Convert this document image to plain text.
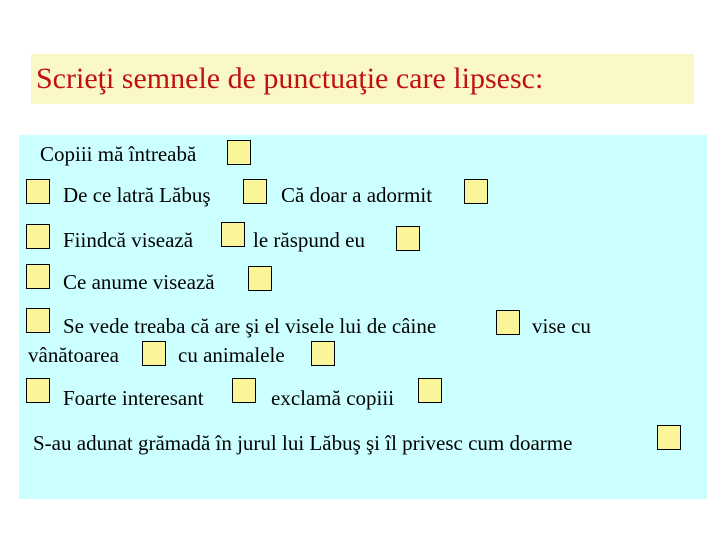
Scrieţi semnele de punctuaţie care lipsesc:
Copiii mă întreabă
De ce latră Lăbuş	Că doar a adormit
Fiindcă visează	le răspund eu
Ce anume visează
Se vede treaba că are şi el visele lui de câine	vise cu
vânătoarea	cu animalele
Foarte interesant	exclamă copiii
S-au adunat grămadă în jurul lui Lăbuş şi îl privesc cum doarme
